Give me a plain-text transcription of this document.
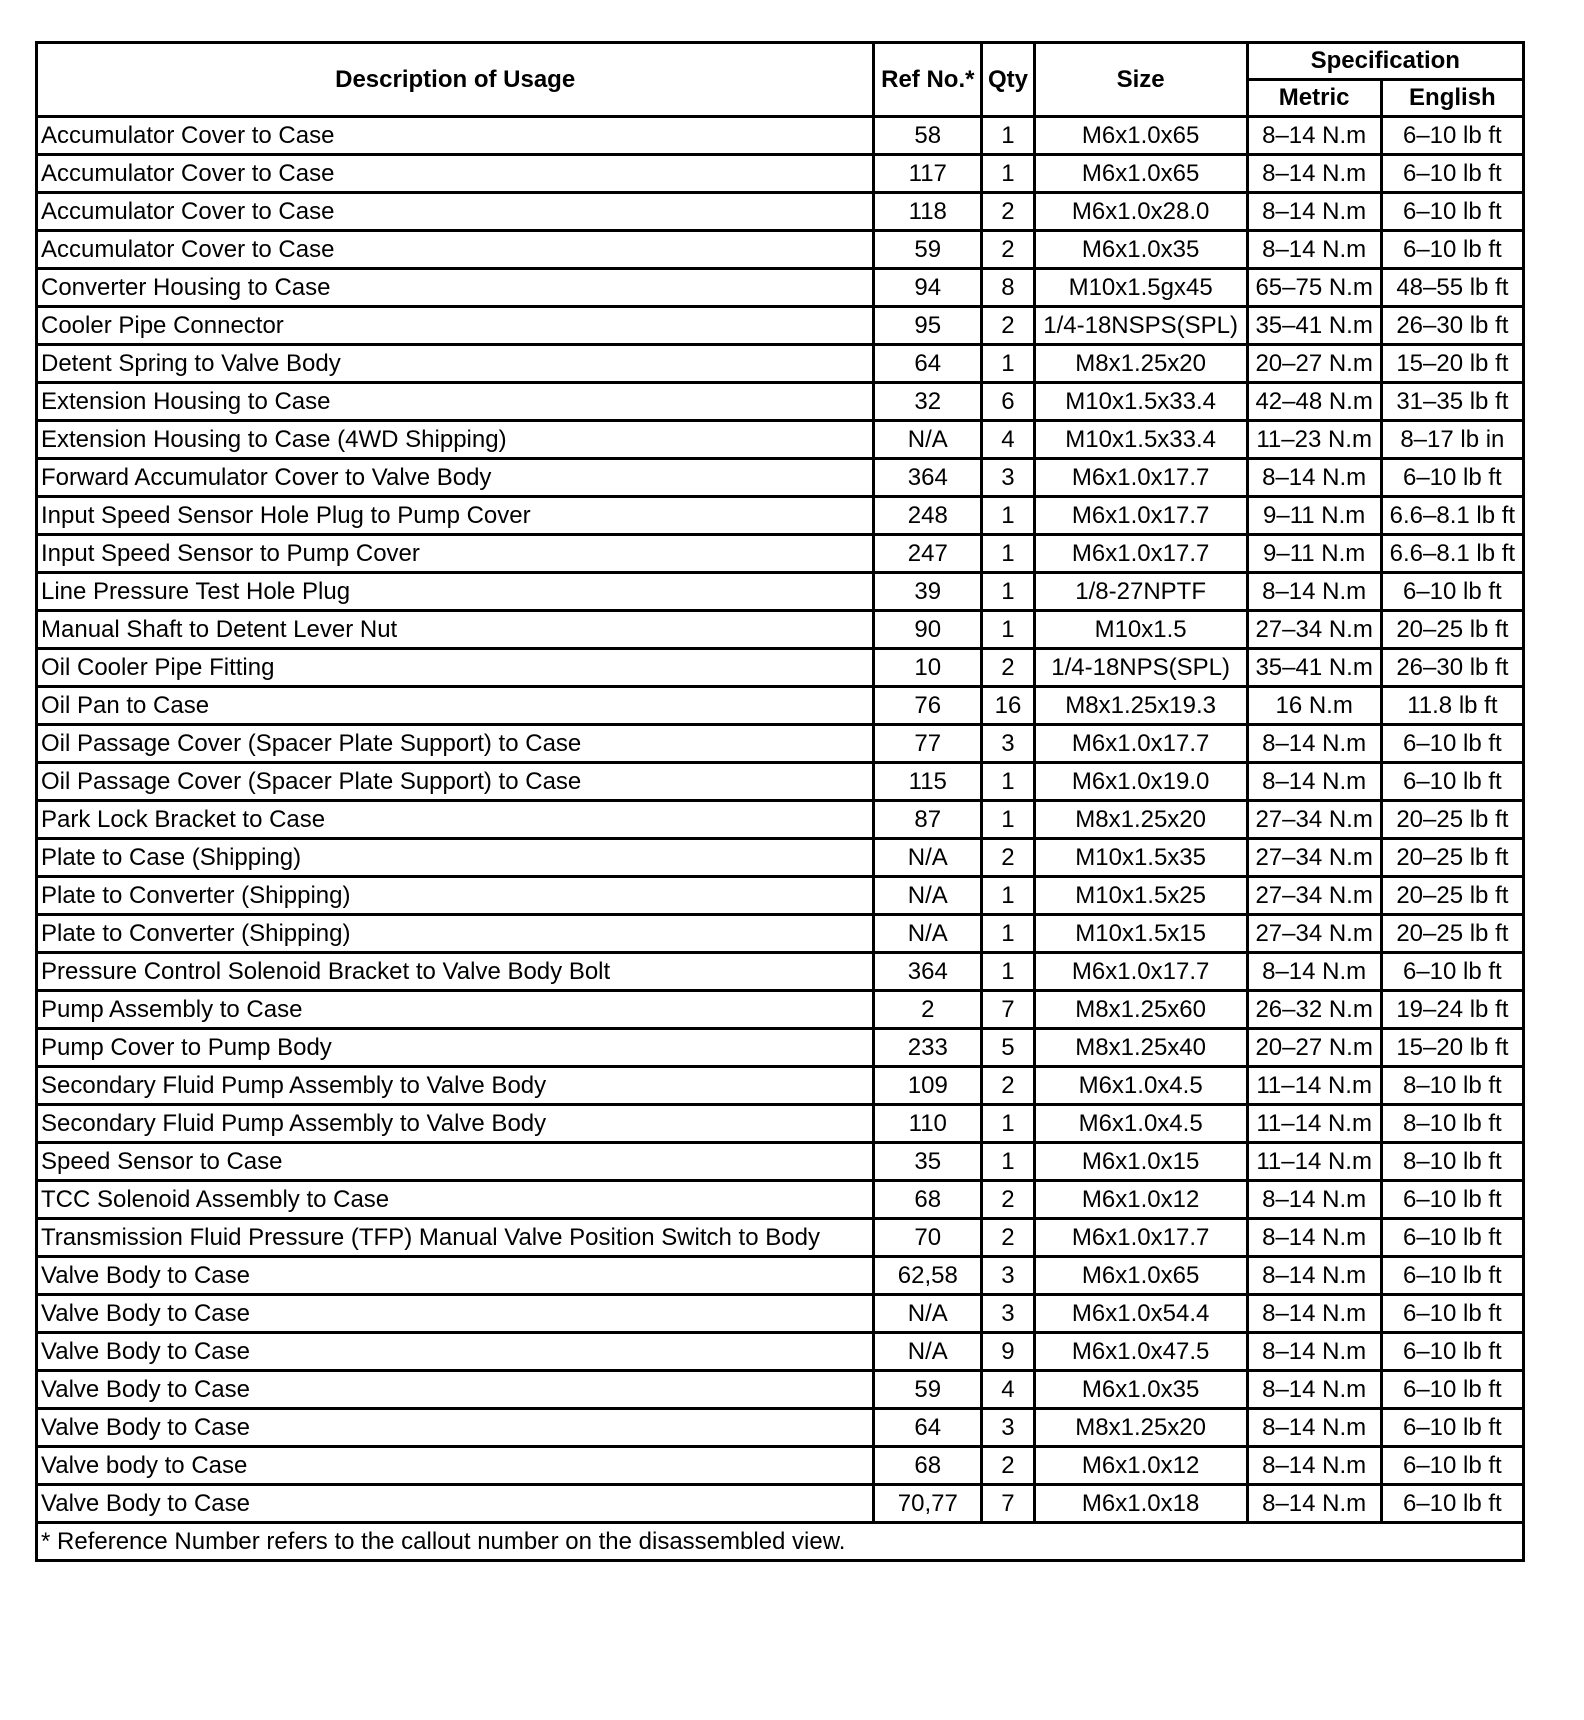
Description of Usage	Ref No.*	Qty	Size	Specification	
				Metric	English
Accumulator Cover to Case	58	1	M6x1.0x65	8–14 N.m	6–10 lb ft
Accumulator Cover to Case	117	1	M6x1.0x65	8–14 N.m	6–10 lb ft
Accumulator Cover to Case	118	2	M6x1.0x28.0	8–14 N.m	6–10 lb ft
Accumulator Cover to Case	59	2	M6x1.0x35	8–14 N.m	6–10 lb ft
Converter Housing to Case	94	8	M10x1.5gx45	65–75 N.m	48–55 lb ft
Cooler Pipe Connector	95	2	1/4-18NSPS(SPL)	35–41 N.m	26–30 lb ft
Detent Spring to Valve Body	64	1	M8x1.25x20	20–27 N.m	15–20 lb ft
Extension Housing to Case	32	6	M10x1.5x33.4	42–48 N.m	31–35 lb ft
Extension Housing to Case (4WD Shipping)	N/A	4	M10x1.5x33.4	11–23 N.m	8–17 lb in
Forward Accumulator Cover to Valve Body	364	3	M6x1.0x17.7	8–14 N.m	6–10 lb ft
Input Speed Sensor Hole Plug to Pump Cover	248	1	M6x1.0x17.7	9–11 N.m	6.6–8.1 lb ft
Input Speed Sensor to Pump Cover	247	1	M6x1.0x17.7	9–11 N.m	6.6–8.1 lb ft
Line Pressure Test Hole Plug	39	1	1/8-27NPTF	8–14 N.m	6–10 lb ft
Manual Shaft to Detent Lever Nut	90	1	M10x1.5	27–34 N.m	20–25 lb ft
Oil Cooler Pipe Fitting	10	2	1/4-18NPS(SPL)	35–41 N.m	26–30 lb ft
Oil Pan to Case	76	16	M8x1.25x19.3	16 N.m	11.8 lb ft
Oil Passage Cover (Spacer Plate Support) to Case	77	3	M6x1.0x17.7	8–14 N.m	6–10 lb ft
Oil Passage Cover (Spacer Plate Support) to Case	115	1	M6x1.0x19.0	8–14 N.m	6–10 lb ft
Park Lock Bracket to Case	87	1	M8x1.25x20	27–34 N.m	20–25 lb ft
Plate to Case (Shipping)	N/A	2	M10x1.5x35	27–34 N.m	20–25 lb ft
Plate to Converter (Shipping)	N/A	1	M10x1.5x25	27–34 N.m	20–25 lb ft
Plate to Converter (Shipping)	N/A	1	M10x1.5x15	27–34 N.m	20–25 lb ft
Pressure Control Solenoid Bracket to Valve Body Bolt	364	1	M6x1.0x17.7	8–14 N.m	6–10 lb ft
Pump Assembly to Case	2	7	M8x1.25x60	26–32 N.m	19–24 lb ft
Pump Cover to Pump Body	233	5	M8x1.25x40	20–27 N.m	15–20 lb ft
Secondary Fluid Pump Assembly to Valve Body	109	2	M6x1.0x4.5	11–14 N.m	8–10 lb ft
Secondary Fluid Pump Assembly to Valve Body	110	1	M6x1.0x4.5	11–14 N.m	8–10 lb ft
Speed Sensor to Case	35	1	M6x1.0x15	11–14 N.m	8–10 lb ft
TCC Solenoid Assembly to Case	68	2	M6x1.0x12	8–14 N.m	6–10 lb ft
Transmission Fluid Pressure (TFP) Manual Valve Position Switch to Body	70	2	M6x1.0x17.7	8–14 N.m	6–10 lb ft
Valve Body to Case	62,58	3	M6x1.0x65	8–14 N.m	6–10 lb ft
Valve Body to Case	N/A	3	M6x1.0x54.4	8–14 N.m	6–10 lb ft
Valve Body to Case	N/A	9	M6x1.0x47.5	8–14 N.m	6–10 lb ft
Valve Body to Case	59	4	M6x1.0x35	8–14 N.m	6–10 lb ft
Valve Body to Case	64	3	M8x1.25x20	8–14 N.m	6–10 lb ft
Valve body to Case	68	2	M6x1.0x12	8–14 N.m	6–10 lb ft
Valve Body to Case	70,77	7	M6x1.0x18	8–14 N.m	6–10 lb ft
* Reference Number refers to the callout number on the disassembled view.					
